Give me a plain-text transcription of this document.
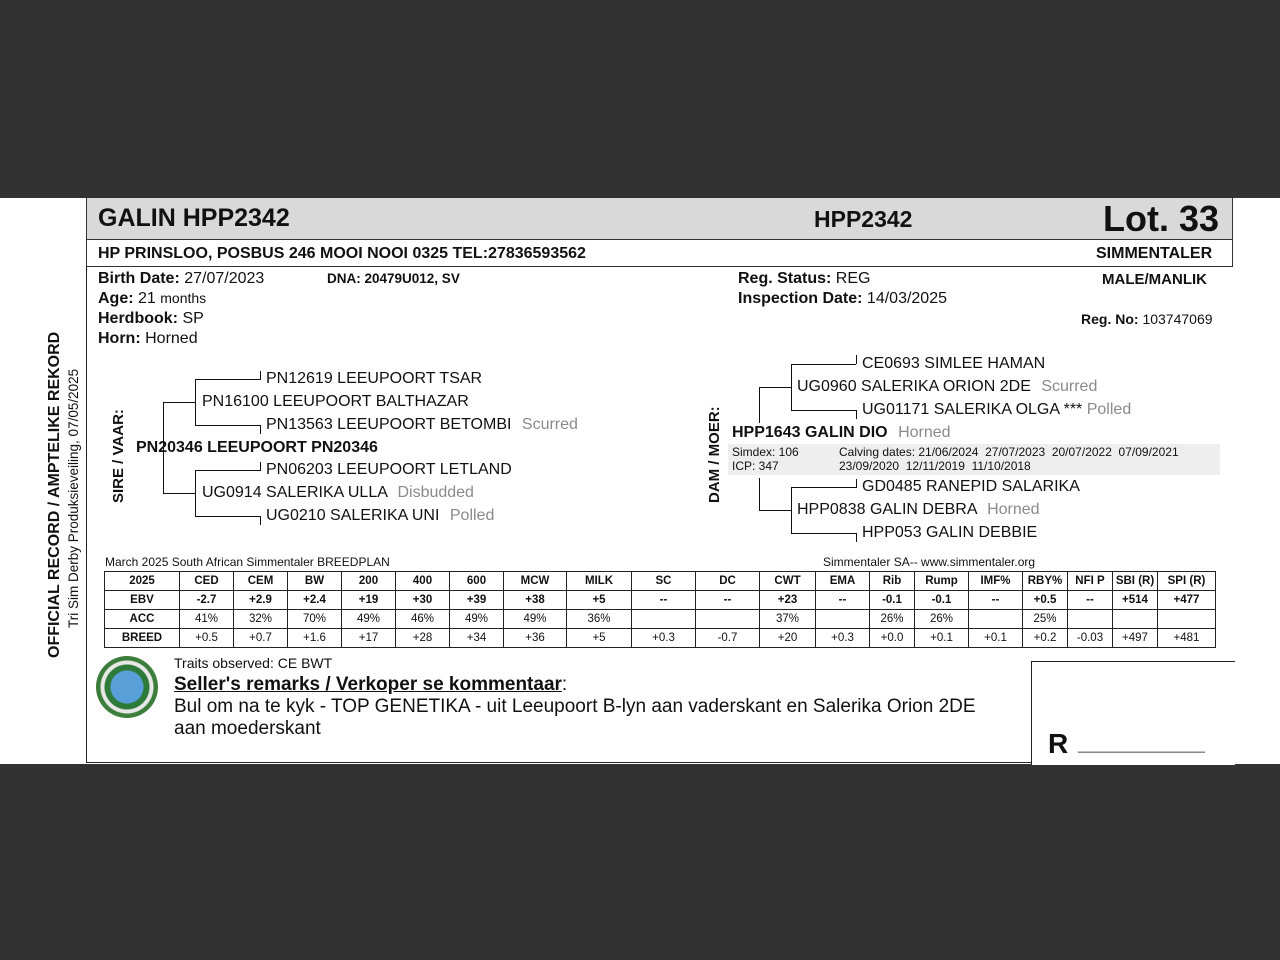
GALIN HPP2342	HPP2342	Lot. 33
HP PRINSLOO, POSBUS 246 MOOI NOOI 0325 TEL:27836593562	SIMMENTALER
OFFICIAL RECORD / AMPTELIKE REKORD Tri Sim Derby Produksieveiling, 07/05/2025
Birth Date: 27/07/2023	DNA: 20479U012, SV
Age: 21 months
Herdbook: SP
Horn: Horned
Reg. Status: REG
Inspection Date: 14/03/2025
MALE/MANLIK
Reg. No: 103747069
SIRE / VAAR:
PN12619 LEEUPOORT TSAR
PN16100 LEEUPOORT BALTHAZAR
PN13563 LEEUPOORT BETOMBI Scurred
PN20346 LEEUPOORT PN20346
PN06203 LEEUPOORT LETLAND
UG0914 SALERIKA ULLA Disbudded
UG0210 SALERIKA UNI Polled
DAM / MOER:
CE0693 SIMLEE HAMAN
UG0960 SALERIKA ORION 2DE Scurred
UG01171 SALERIKA OLGA *** Polled
HPP1643 GALIN DIO Horned
Simdex: 106
ICP: 347
Calving dates: 21/06/2024  27/07/2023  20/07/2022  07/09/2021
23/09/2020  12/11/2019  11/10/2018
GD0485 RANEPID SALARIKA
HPP0838 GALIN DEBRA Horned
HPP053 GALIN DEBBIE
March 2025 South African Simmentaler BREEDPLAN	Simmentaler SA-- www.simmentaler.org
2025	CED	CEM	BW	200	400	600	MCW	MILK	SC	DC	CWT	EMA	Rib	Rump	IMF%	RBY%	NFI P	SBI (R)	SPI (R)
EBV	-2.7	+2.9	+2.4	+19	+30	+39	+38	+5	--	--	+23	--	-0.1	-0.1	--	+0.5	--	+514	+477
ACC	41%	32%	70%	49%	46%	49%	49%	36%			37%		26%	26%		25%			
BREED	+0.5	+0.7	+1.6	+17	+28	+34	+36	+5	+0.3	-0.7	+20	+0.3	+0.0	+0.1	+0.1	+0.2	-0.03	+497	+481
Traits observed: CE BWT
Seller's remarks / Verkoper se kommentaar:
Bul om na te kyk - TOP GENETIKA - uit Leeupoort B-lyn aan vaderskant en Salerika Orion 2DE
aan moederskant	R ___________________
